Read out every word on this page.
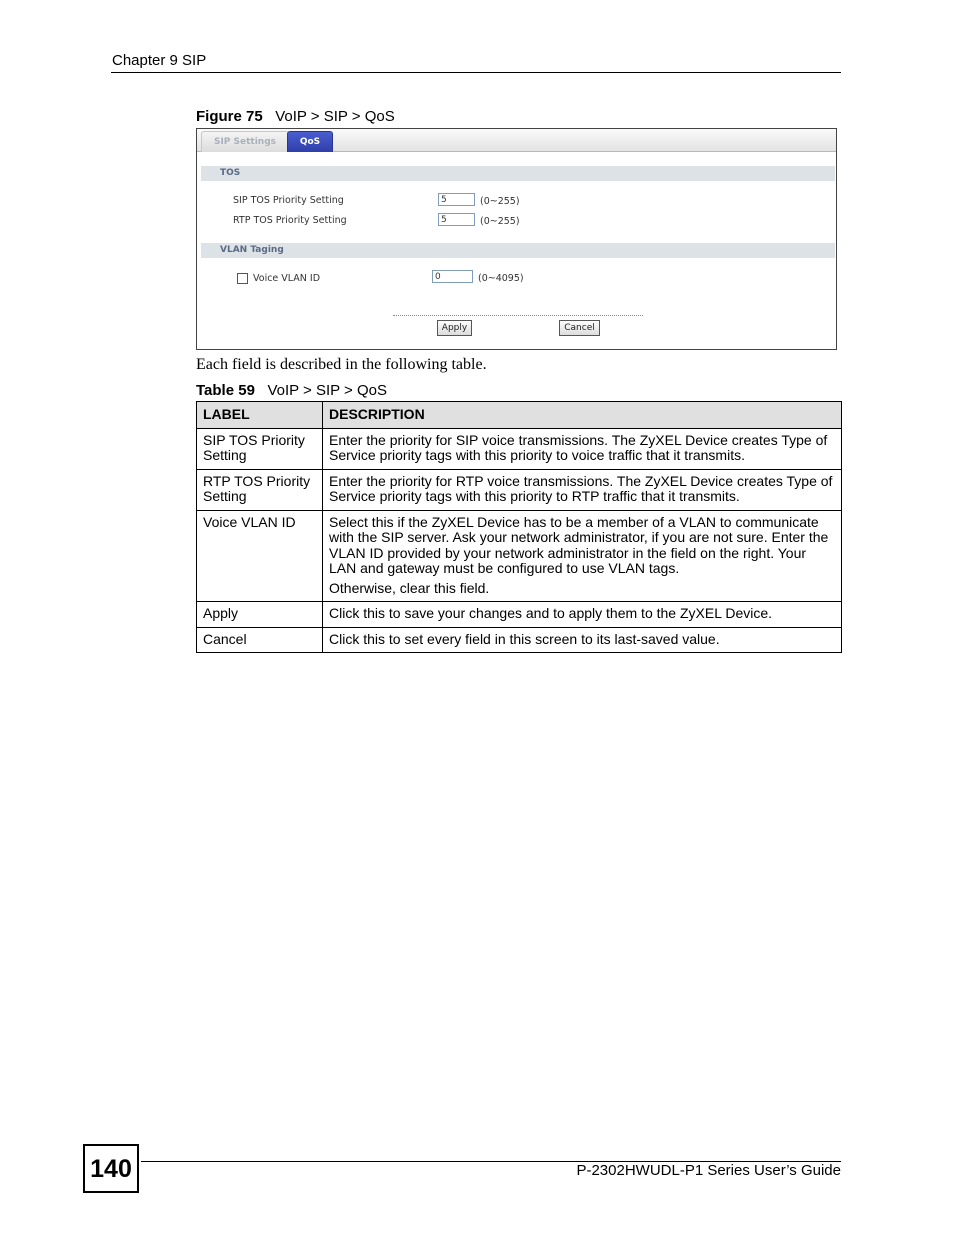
Chapter 9 SIP
Figure 75 VoIP > SIP > QoS
SIP Settings	QoS
TOS
SIP TOS Priority Setting	5	(0~255)
RTP TOS Priority Setting	5	(0~255)
VLAN Taging
Voice VLAN ID	0	(0~4095)
Apply	Cancel
Each field is described in the following table.
Table 59 VoIP > SIP > QoS
LABEL	DESCRIPTION
SIP TOS Priority Setting	Enter the priority for SIP voice transmissions. The ZyXEL Device creates Type of Service priority tags with this priority to voice traffic that it transmits.
RTP TOS Priority Setting	Enter the priority for RTP voice transmissions. The ZyXEL Device creates Type of Service priority tags with this priority to RTP traffic that it transmits.
Voice VLAN ID	Select this if the ZyXEL Device has to be a member of a VLAN to communicate with the SIP server. Ask your network administrator, if you are not sure. Enter the VLAN ID provided by your network administrator in the field on the right. Your LAN and gateway must be configured to use VLAN tags.
Otherwise, clear this field.

Apply	Click this to save your changes and to apply them to the ZyXEL Device.
Cancel	Click this to set every field in this screen to its last-saved value.
140	P-2302HWUDL-P1 Series User’s Guide
